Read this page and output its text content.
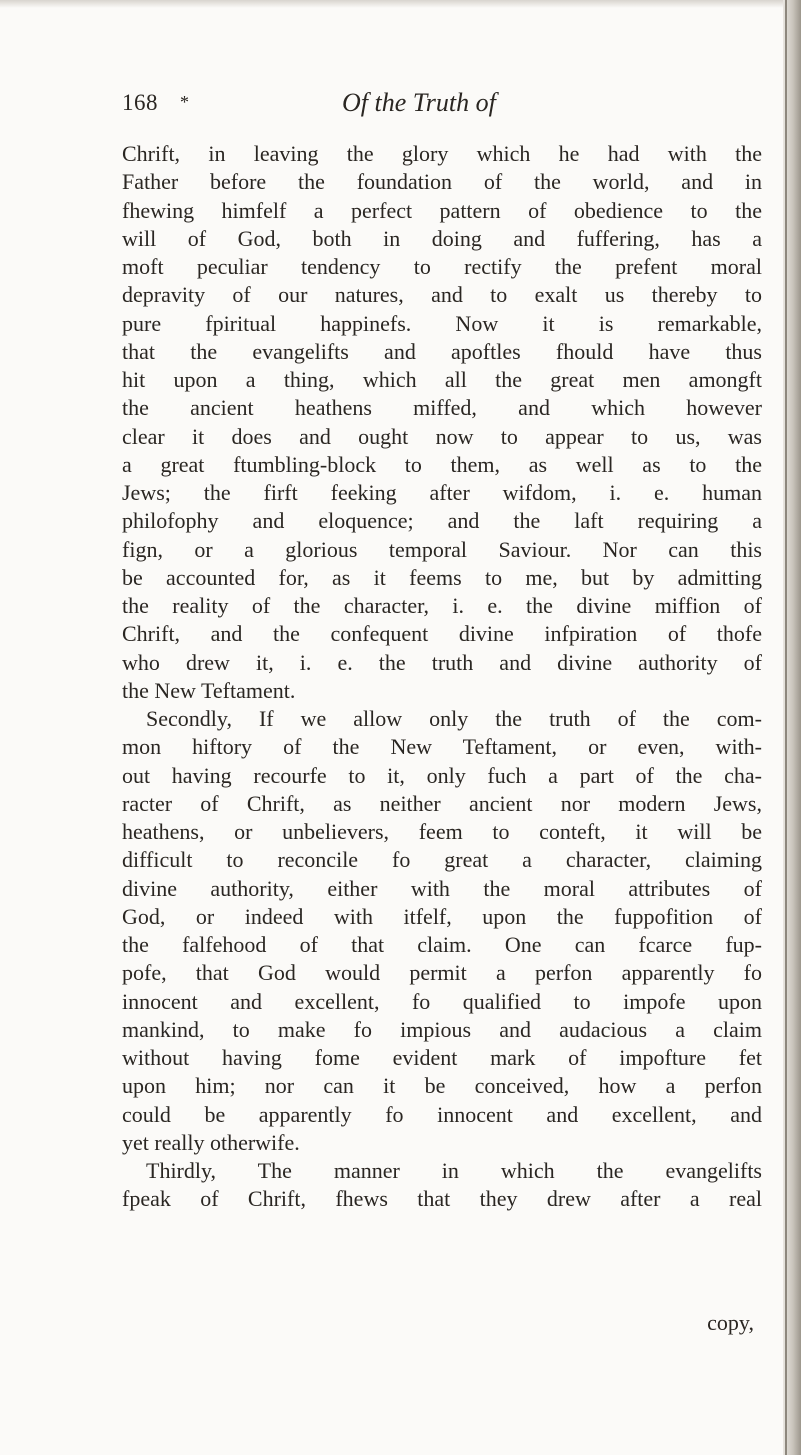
168 *	Of the Truth of
Chrift, in leaving the glory which he had with the
Father before the foundation of the world, and in
fhewing himfelf a perfect pattern of obedience to the
will of God, both in doing and fuffering, has a
moft peculiar tendency to rectify the prefent moral
depravity of our natures, and to exalt us thereby to
pure fpiritual happinefs. Now it is remarkable,
that the evangelifts and apoftles fhould have thus
hit upon a thing, which all the great men amongft
the ancient heathens miffed, and which however
clear it does and ought now to appear to us, was
a great ftumbling-block to them, as well as to the
Jews; the firft feeking after wifdom, i. e. human
philofophy and eloquence; and the laft requiring a
fign, or a glorious temporal Saviour. Nor can this
be accounted for, as it feems to me, but by admitting
the reality of the character, i. e. the divine miffion of
Chrift, and the confequent divine infpiration of thofe
who drew it, i. e. the truth and divine authority of
the New Teftament.
Secondly, If we allow only the truth of the com-
mon hiftory of the New Teftament, or even, with-
out having recourfe to it, only fuch a part of the cha-
racter of Chrift, as neither ancient nor modern Jews,
heathens, or unbelievers, feem to conteft, it will be
difficult to reconcile fo great a character, claiming
divine authority, either with the moral attributes of
God, or indeed with itfelf, upon the fuppofition of
the falfehood of that claim. One can fcarce fup-
pofe, that God would permit a perfon apparently fo
innocent and excellent, fo qualified to impofe upon
mankind, to make fo impious and audacious a claim
without having fome evident mark of impofture fet
upon him; nor can it be conceived, how a perfon
could be apparently fo innocent and excellent, and
yet really otherwife.
Thirdly, The manner in which the evangelifts
fpeak of Chrift, fhews that they drew after a real
copy,
